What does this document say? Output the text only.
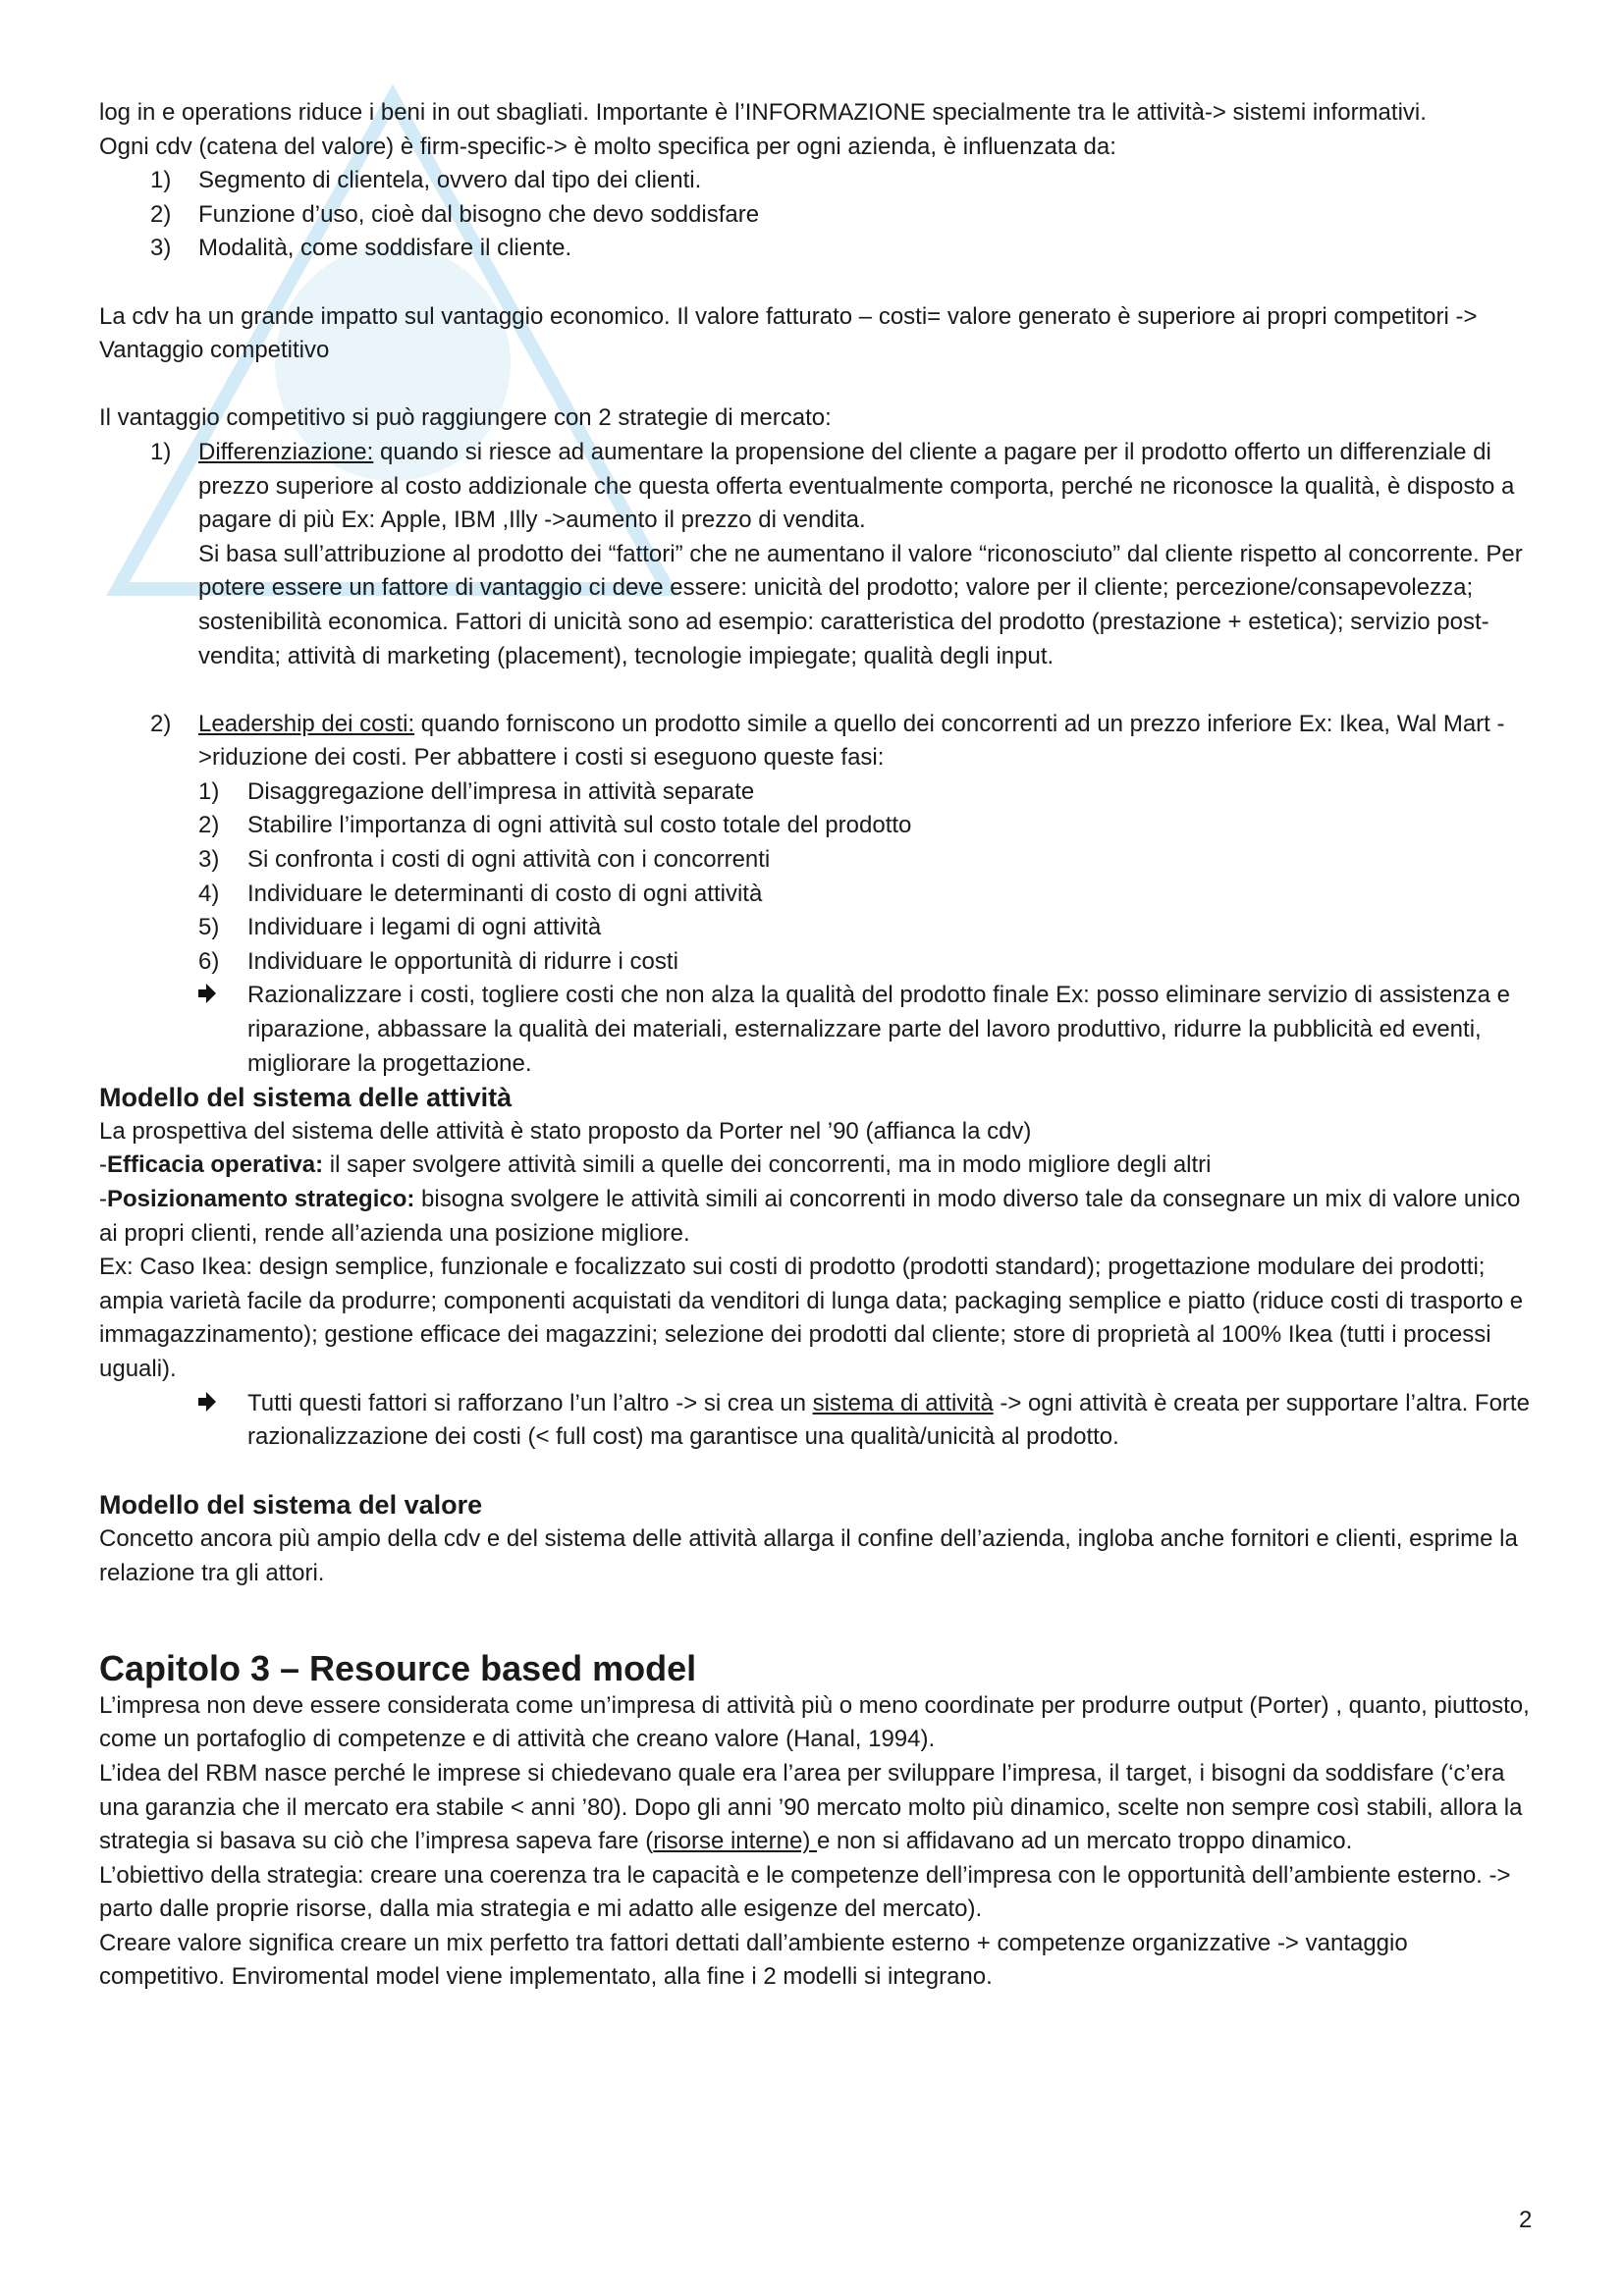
log in e operations riduce i beni in out sbagliati. Importante è l’INFORMAZIONE specialmente tra le attività-> sistemi informativi.

Ogni cdv (catena del valore) è firm-specific-> è molto specifica per ogni azienda, è influenzata da:

1) Segmento di clientela, ovvero dal tipo dei clienti.
2) Funzione d’uso, cioè dal bisogno che devo soddisfare
3) Modalità, come soddisfare il cliente.

La cdv ha un grande impatto sul vantaggio economico. Il valore fatturato – costi= valore generato è superiore ai propri competitori -> Vantaggio competitivo

Il vantaggio competitivo si può raggiungere con 2 strategie di mercato:

1) Differenziazione: quando si riesce ad aumentare la propensione del cliente a pagare per il prodotto offerto un differenziale di prezzo superiore al costo addizionale che questa offerta eventualmente comporta, perché ne riconosce la qualità, è disposto a pagare di più Ex: Apple, IBM ,Illy ->aumento il prezzo di vendita.

Si basa sull’attribuzione al prodotto dei “fattori” che ne aumentano il valore “riconosciuto” dal cliente rispetto al concorrente. Per potere essere un fattore di vantaggio ci deve essere: unicità del prodotto; valore per il cliente; percezione/consapevolezza; sostenibilità economica. Fattori di unicità sono ad esempio: caratteristica del prodotto (prestazione + estetica); servizio post-vendita; attività di marketing (placement), tecnologie impiegate; qualità degli input.

2) Leadership dei costi: quando forniscono un prodotto simile a quello dei concorrenti ad un prezzo inferiore Ex: Ikea, Wal Mart ->riduzione dei costi. Per abbattere i costi si eseguono queste fasi:

1) Disaggregazione dell’impresa in attività separate
2) Stabilire l’importanza di ogni attività sul costo totale del prodotto
3) Si confronta i costi di ogni attività con i concorrenti
4) Individuare le determinanti di costo di ogni attività
5) Individuare i legami di ogni attività
6) Individuare le opportunità di ridurre i costi
Razionalizzare i costi, togliere costi che non alza la qualità del prodotto finale Ex: posso eliminare servizio di assistenza e riparazione, abbassare la qualità dei materiali, esternalizzare parte del lavoro produttivo, ridurre la pubblicità ed eventi, migliorare la progettazione.
Modello del sistema delle attività

La prospettiva del sistema delle attività è stato proposto da Porter nel ’90 (affianca la cdv)

-Efficacia operativa: il saper svolgere attività simili a quelle dei concorrenti, ma in modo migliore degli altri

-Posizionamento strategico: bisogna svolgere le attività simili ai concorrenti in modo diverso tale da consegnare un mix di valore unico ai propri clienti, rende all’azienda una posizione migliore.

Ex: Caso Ikea: design semplice, funzionale e focalizzato sui costi di prodotto (prodotti standard); progettazione modulare dei prodotti; ampia varietà facile da produrre; componenti acquistati da venditori di lunga data; packaging semplice e piatto (riduce costi di trasporto e immagazzinamento); gestione efficace dei magazzini; selezione dei prodotti dal cliente; store di proprietà al 100% Ikea (tutti i processi uguali).

Tutti questi fattori si rafforzano l’un l’altro -> si crea un sistema di attività -> ogni attività è creata per supportare l’altra. Forte razionalizzazione dei costi (< full cost) ma garantisce una qualità/unicità al prodotto.
Modello del sistema del valore

Concetto ancora più ampio della cdv e del sistema delle attività allarga il confine dell’azienda, ingloba anche fornitori e clienti, esprime la relazione tra gli attori.

Capitolo 3 – Resource based model

L’impresa non deve essere considerata come un’impresa di attività più o meno coordinate per produrre output (Porter) , quanto, piuttosto, come un portafoglio di competenze e di attività che creano valore (Hanal, 1994).

L’idea del RBM nasce perché le imprese si chiedevano quale era l’area per sviluppare l’impresa, il target, i bisogni da soddisfare (‘c’era una garanzia che il mercato era stabile < anni ’80). Dopo gli anni ’90 mercato molto più dinamico, scelte non sempre così stabili, allora la strategia si basava su ciò che l’impresa sapeva fare (risorse interne) e non si affidavano ad un mercato troppo dinamico.

L’obiettivo della strategia: creare una coerenza tra le capacità e le competenze dell’impresa con le opportunità dell’ambiente esterno. -> parto dalle proprie risorse, dalla mia strategia e mi adatto alle esigenze del mercato).

Creare valore significa creare un mix perfetto tra fattori dettati dall’ambiente esterno + competenze organizzative -> vantaggio competitivo. Enviromental model viene implementato, alla fine i 2 modelli si integrano.

2
